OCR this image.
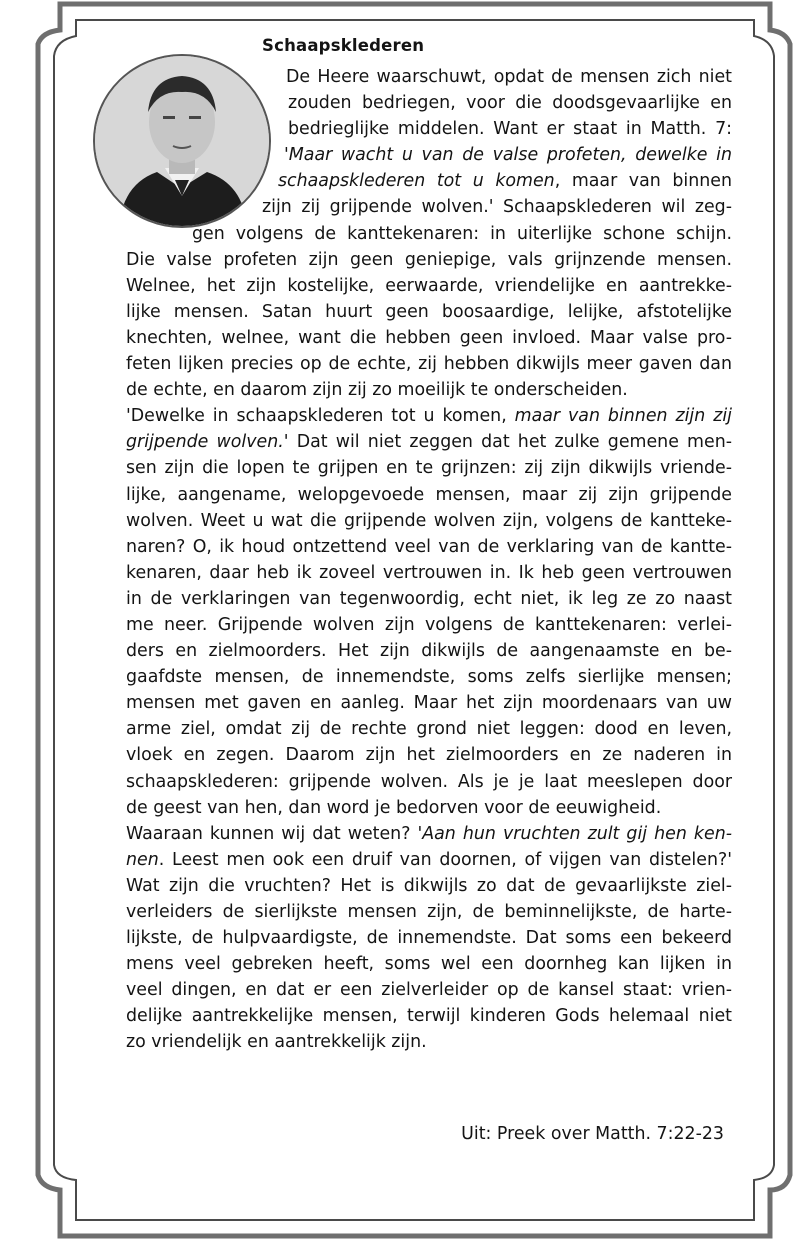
Schaapsklederen
De Heere waarschuwt, opdat de mensen zich niet
zouden bedriegen, voor die doodsgevaarlijke en
bedrieglijke middelen. Want er staat in Matth. 7:
'Maar wacht u van de valse profeten, dewelke in
schaapsklederen tot u komen, maar van binnen
zijn zij grijpende wolven.' Schaapsklederen wil zeg-
gen volgens de kanttekenaren: in uiterlijke schone schijn.
Die valse profeten zijn geen geniepige, vals grijnzende mensen.
Welnee, het zijn kostelijke, eerwaarde, vriendelijke en aantrekke-
lijke mensen. Satan huurt geen boosaardige, lelijke, afstotelijke
knechten, welnee, want die hebben geen invloed. Maar valse pro-
feten lijken precies op de echte, zij hebben dikwijls meer gaven dan
de echte, en daarom zijn zij zo moeilijk te onderscheiden.
'Dewelke in schaapsklederen tot u komen, maar van binnen zijn zij
grijpende wolven.' Dat wil niet zeggen dat het zulke gemene men-
sen zijn die lopen te grijpen en te grijnzen: zij zijn dikwijls vriende-
lijke, aangename, welopgevoede mensen, maar zij zijn grijpende
wolven. Weet u wat die grijpende wolven zijn, volgens de kantteke-
naren? O, ik houd ontzettend veel van de verklaring van de kantte-
kenaren, daar heb ik zoveel vertrouwen in. Ik heb geen vertrouwen
in de verklaringen van tegenwoordig, echt niet, ik leg ze zo naast
me neer. Grijpende wolven zijn volgens de kanttekenaren: verlei-
ders en zielmoorders. Het zijn dikwijls de aangenaamste en be-
gaafdste mensen, de innemendste, soms zelfs sierlijke mensen;
mensen met gaven en aanleg. Maar het zijn moordenaars van uw
arme ziel, omdat zij de rechte grond niet leggen: dood en leven,
vloek en zegen. Daarom zijn het zielmoorders en ze naderen in
schaapsklederen: grijpende wolven. Als je je laat meeslepen door
de geest van hen, dan word je bedorven voor de eeuwigheid.
Waaraan kunnen wij dat weten? 'Aan hun vruchten zult gij hen ken-
nen. Leest men ook een druif van doornen, of vijgen van distelen?'
Wat zijn die vruchten? Het is dikwijls zo dat de gevaarlijkste ziel-
verleiders de sierlijkste mensen zijn, de beminnelijkste, de harte-
lijkste, de hulpvaardigste, de innemendste. Dat soms een bekeerd
mens veel gebreken heeft, soms wel een doornheg kan lijken in
veel dingen, en dat er een zielverleider op de kansel staat: vrien-
delijke aantrekkelijke mensen, terwijl kinderen Gods helemaal niet
zo vriendelijk en aantrekkelijk zijn.
Uit: Preek over Matth. 7:22-23
